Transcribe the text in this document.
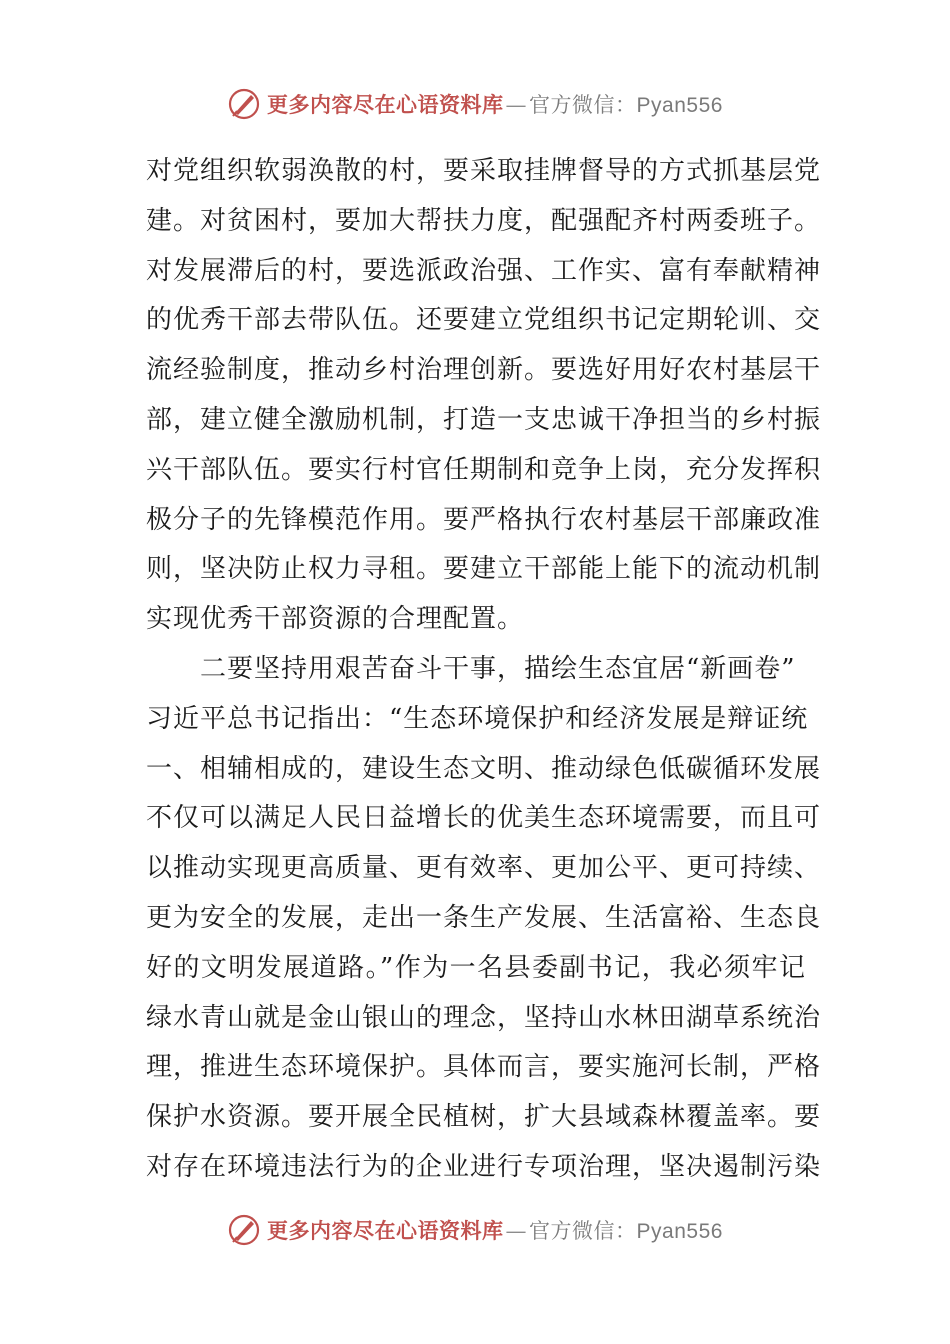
更多内容尽在心语资料库 — 官方微信： Pyan556
对党组织软弱涣散的村，要采取挂牌督导的方式抓基层党
建。对贫困村，要加大帮扶力度，配强配齐村两委班子。
对发展滞后的村，要选派政治强、工作实、富有奉献精神
的优秀干部去带队伍。还要建立党组织书记定期轮训、交
流经验制度，推动乡村治理创新。要选好用好农村基层干
部，建立健全激励机制，打造一支忠诚干净担当的乡村振
兴干部队伍。要实行村官任期制和竞争上岗，充分发挥积
极分子的先锋模范作用。要严格执行农村基层干部廉政准
则，坚决防止权力寻租。要建立干部能上能下的流动机制
实现优秀干部资源的合理配置。
二要坚持用艰苦奋斗干事，描绘生态宜居“新画卷”
习近平总书记指出：“生态环境保护和经济发展是辩证统
一、相辅相成的，建设生态文明、推动绿色低碳循环发展
不仅可以满足人民日益增长的优美生态环境需要，而且可
以推动实现更高质量、更有效率、更加公平、更可持续、
更为安全的发展，走出一条生产发展、生活富裕、生态良
好的文明发展道路。”作为一名县委副书记，我必须牢记
绿水青山就是金山银山的理念，坚持山水林田湖草系统治
理，推进生态环境保护。具体而言，要实施河长制，严格
保护水资源。要开展全民植树，扩大县域森林覆盖率。要
对存在环境违法行为的企业进行专项治理，坚决遏制污染
更多内容尽在心语资料库 — 官方微信： Pyan556
